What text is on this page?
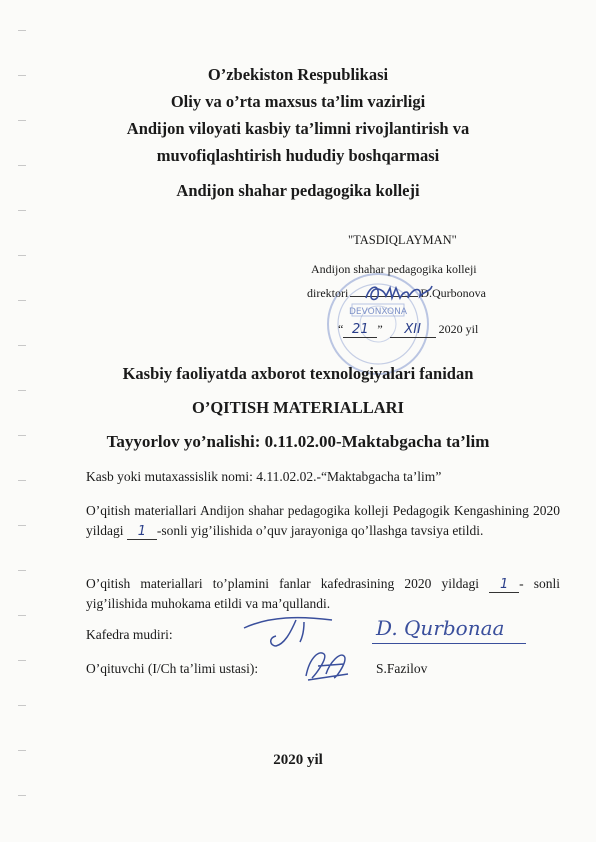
O’zbekiston Respublikasi
Oliy va o’rta maxsus ta’lim vazirligi
Andijon viloyati kasbiy ta’limni rivojlantirish va
muvofiqlashtirish hududiy boshqarmasi
Andijon shahar pedagogika kolleji
"TASDIQLAYMAN"
DEVONXONA
Andijon shahar pedagogika kolleji
direktori	D.Qurbonova
“ 21 ” XII 2020 yil
Kasbiy faoliyatda axborot texnologiyalari fanidan
O’QITISH MATERIALLARI
Tayyorlov yo’nalishi: 0.11.02.00-Maktabgacha ta’lim
Kasb yoki mutaxassislik nomi: 4.11.02.02.-“Maktabgacha ta’lim”
O’qitish materiallari Andijon shahar pedagogika kolleji Pedagogik Kengashining 2020 yildagi 1 -sonli yig’ilishida o’quv jarayoniga qo’llashga tavsiya etildi.
O’qitish materiallari to’plamini fanlar kafedrasining 2020 yildagi 1 - sonli yig’ilishida muhokama etildi va ma’qullandi.
Kafedra mudiri:	D. Qurbonaa
O’qituvchi (I/Ch ta’limi ustasi):	S.Fazilov
2020 yil
